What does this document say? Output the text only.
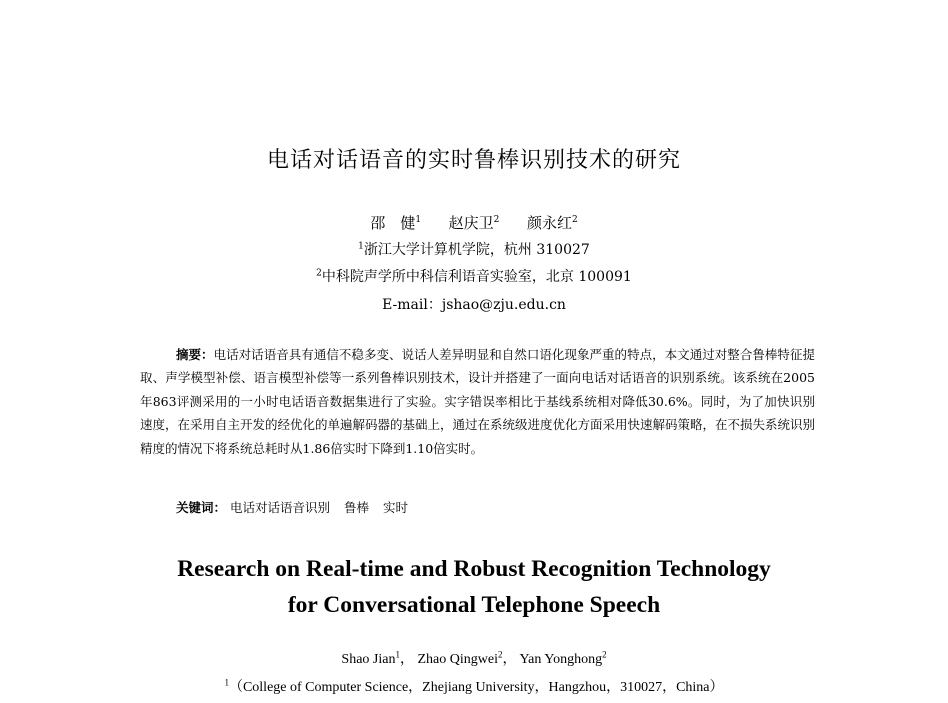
电话对话语音的实时鲁棒识别技术的研究
邵　健$^1$ 赵庆卫$^2$ 颜永红$^2$
$^1$浙江大学计算机学院，杭州 310027
$^2$中科院声学所中科信利语音实验室，北京 100091
E-mail：jshao@zju.edu.cn

摘要：电话对话语音具有通信不稳多变、说话人差异明显和自然口语化现象严重的特点，本文通过对整合鲁棒特征提取、声学模型补偿、语言模型补偿等一系列鲁棒识别技术，设计并搭建了一面向电话对话语音的识别系统。该系统在2005年863评测采用的一小时电话语音数据集进行了实验。实字错误率相比于基线系统相对降低30.6%。同时，为了加快识别速度，在采用自主开发的经优化的单遍解码器的基础上，通过在系统级进度优化方面采用快速解码策略，在不损失系统识别精度的情况下将系统总耗时从1.86倍实时下降到1.10倍实时。

关键词： 电话对话语音识别 鲁棒 实时
Research on Real-time and Robust Recognition Technology
for Conversational Telephone Speech
Shao Jian$^1$， Zhao Qingwei$^2$， Yan Yonghong$^2$
$^1$（College of Computer Science，Zhejiang University，Hangzhou，310027，China）
